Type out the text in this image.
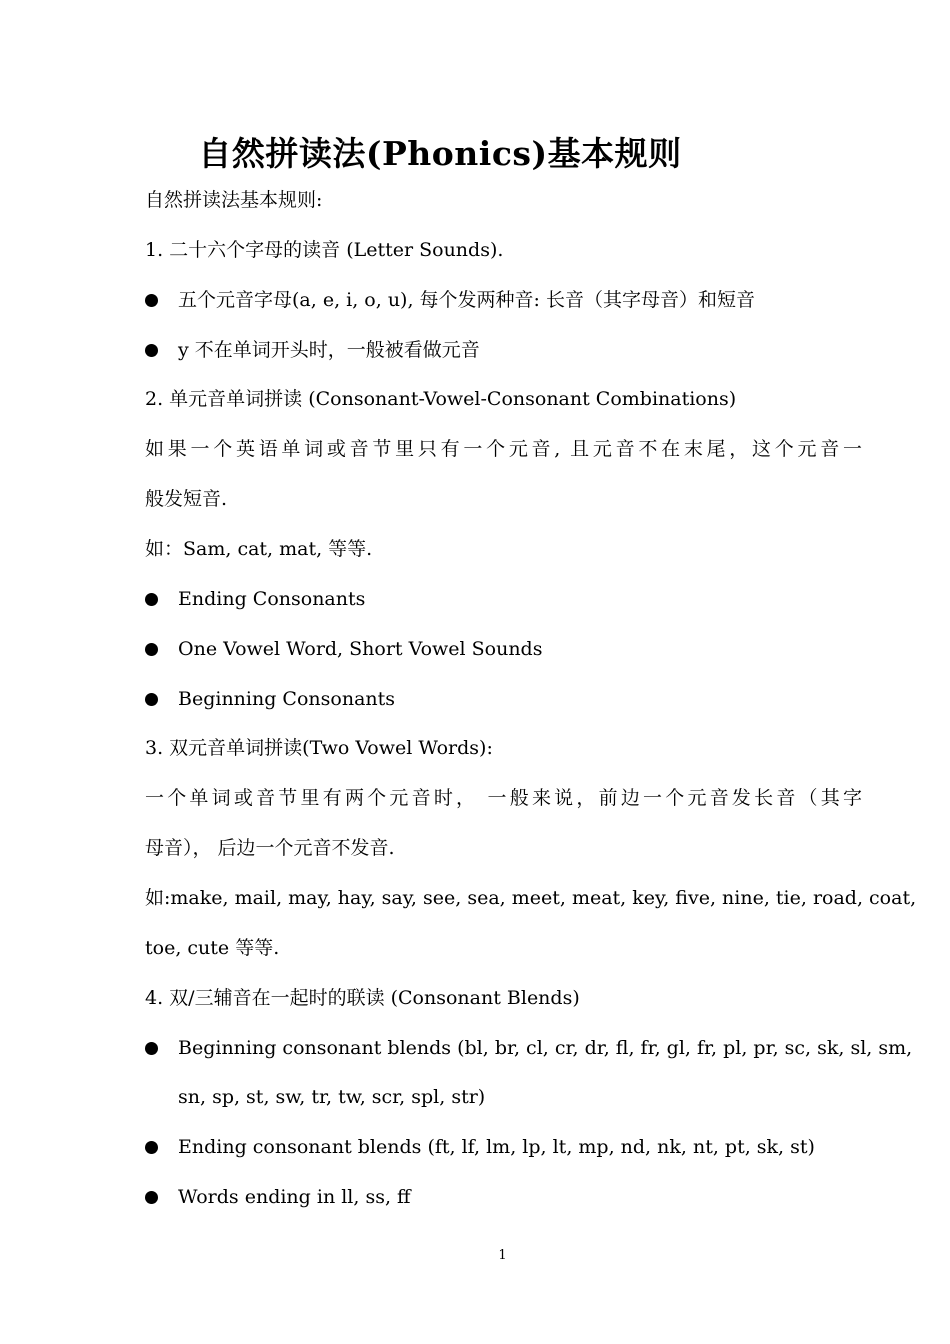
自然拼读法(Phonics)基本规则
自然拼读法基本规则:
1. 二十六个字母的读音 (Letter Sounds).
五个元音字母(a, e, i, o, u), 每个发两种音: 长音（其字母音）和短音
y 不在单词开头时，一般被看做元音
2. 单元音单词拼读 (Consonant-Vowel-Consonant Combinations)
如果一个英语单词或音节里只有一个元音, 且元音不在末尾，这个元音一
般发短音.
如：Sam, cat, mat, 等等.
Ending Consonants
One Vowel Word, Short Vowel Sounds
Beginning Consonants
3. 双元音单词拼读(Two Vowel Words):
一个单词或音节里有两个元音时， 一般来说，前边一个元音发长音（其字
母音）， 后边一个元音不发音.
如:make, mail, may, hay, say, see, sea, meet, meat, key, five, nine, tie, road, coat,
toe, cute 等等.
4. 双/三辅音在一起时的联读 (Consonant Blends)
Beginning consonant blends (bl, br, cl, cr, dr, fl, fr, gl, fr, pl, pr, sc, sk, sl, sm,
sn, sp, st, sw, tr, tw, scr, spl, str)
Ending consonant blends (ft, lf, lm, lp, lt, mp, nd, nk, nt, pt, sk, st)
Words ending in ll, ss, ff
1
